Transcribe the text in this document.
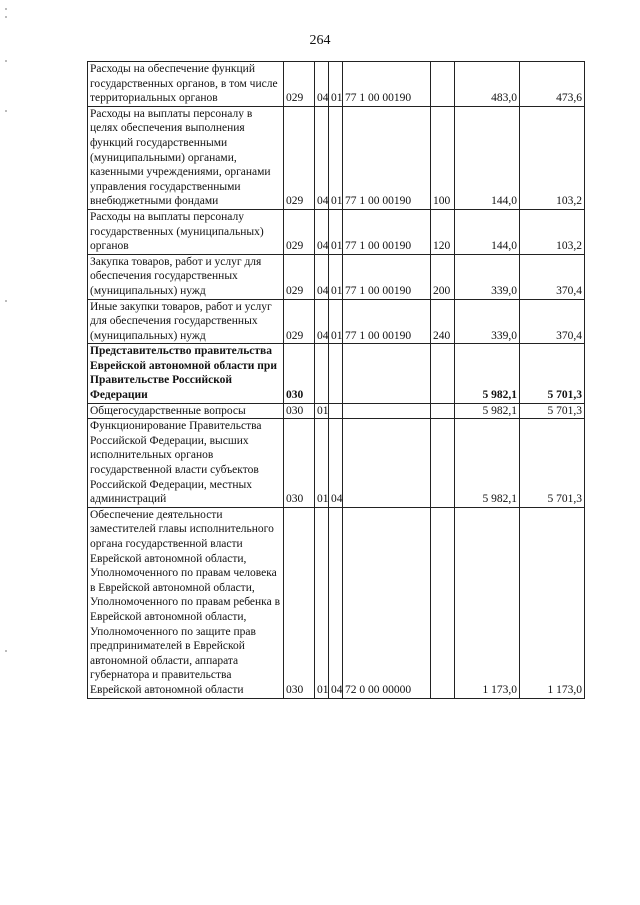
264
Расходы на обеспечение функций государственных органов, в том числе территориальных органов	029	04	01	77 1 00 00190		483,0	473,6
Расходы на выплаты персоналу в целях обеспечения выполнения функций государственными (муниципальными) органами, казенными учреждениями, органами управления государственными внебюджетными фондами	029	04	01	77 1 00 00190	100	144,0	103,2
Расходы на выплаты персоналу государственных (муниципальных) органов	029	04	01	77 1 00 00190	120	144,0	103,2
Закупка товаров, работ и услуг для обеспечения государственных (муниципальных) нужд	029	04	01	77 1 00 00190	200	339,0	370,4
Иные закупки товаров, работ и услуг для обеспечения государственных (муниципальных) нужд	029	04	01	77 1 00 00190	240	339,0	370,4
Представительство правительства Еврейской автономной области при Правительстве Российской Федерации	030					5 982,1	5 701,3
Общегосударственные вопросы	030	01				5 982,1	5 701,3
Функционирование Правительства Российской Федерации, высших исполнительных органов государственной власти субъектов Российской Федерации, местных администраций	030	01	04			5 982,1	5 701,3
Обеспечение деятельности заместителей главы исполнительного органа государственной власти Еврейской автономной области, Уполномоченного по правам человека в Еврейской автономной области, Уполномоченного по правам ребенка в Еврейской автономной области, Уполномоченного по защите прав предпринимателей в Еврейской автономной области, аппарата губернатора и правительства Еврейской автономной области	030	01	04	72 0 00 00000		1 173,0	1 173,0
